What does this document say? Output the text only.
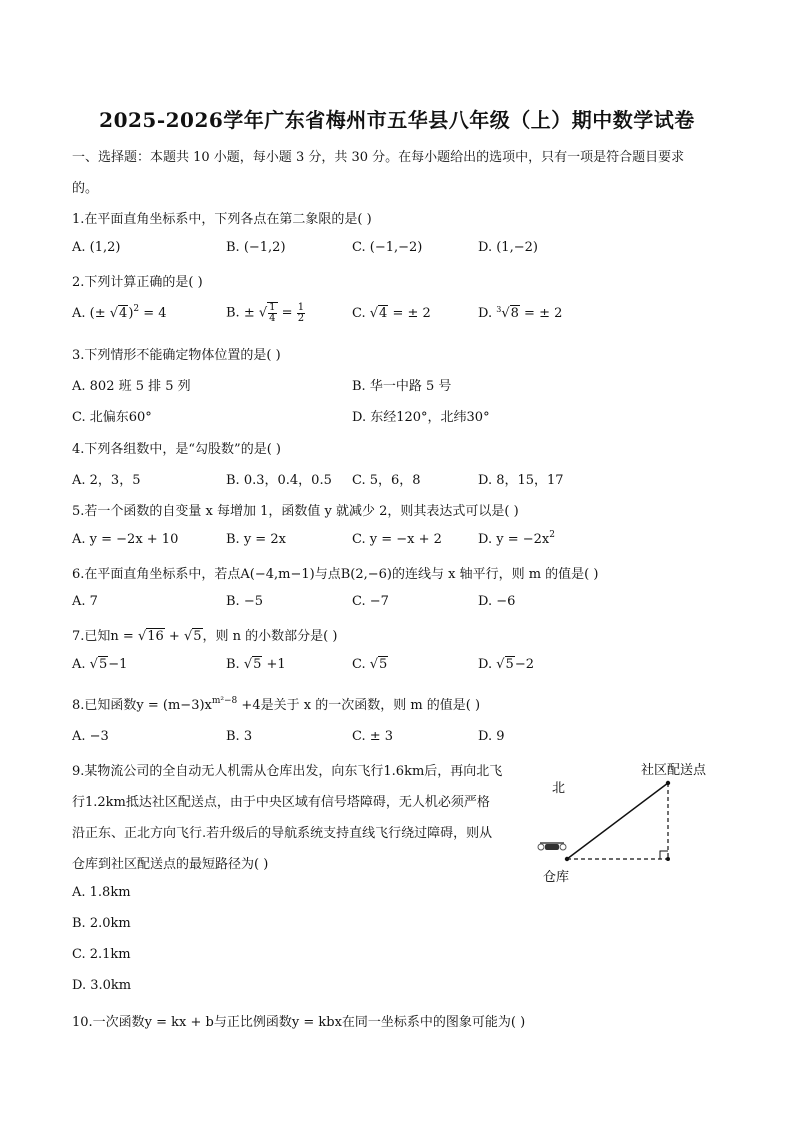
2025-2026学年广东省梅州市五华县八年级（上）期中数学试卷
一、选择题：本题共 10 小题，每小题 3 分，共 30 分。在每小题给出的选项中，只有一项是符合题目要求
的。
1.在平面直角坐标系中，下列各点在第二象限的是( )
A. (1,2)	B. (−1,2)	C. (−1,−2)	D. (1,−2)
2.下列计算正确的是( )
A. (± √4)$^2$ = 4	B. ± √ $\frac{1}{4} = \frac{1}{2}$	C. √4 = ± 2	D. $^3$√8 = ± 2
3.下列情形不能确定物体位置的是( )
A. 802 班 5 排 5 列	B. 华一中路 5 号
C. 北偏东60°	D. 东经120°，北纬30°
4.下列各组数中，是“勾股数”的是( )
A. 2，3，5	B. 0.3，0.4，0.5 C. 5，6，8	D. 8，15，17
5.若一个函数的自变量 x 每增加 1，函数值 y 就减少 2，则其表达式可以是( )
A. y = −2x + 10	B. y = 2x	C. y = −x + 2	D. $y = -2x^2$
6.在平面直角坐标系中，若点A(−4,m−1)与点B(2,−6)的连线与 x 轴平行，则 m 的值是( )
A. 7	B. −5	C. −7	D. −6
7.已知n = √16 + √5，则 n 的小数部分是( )
A. √5−1	B. √5 +1	C. √5	D. √5−2
8.已知函数$y = (m-3)x^{m^2-8} +4$是关于 x 的一次函数，则 m 的值是( )
A. −3	B. 3	C. ± 3	D. 9
9.某物流公司的全自动无人机需从仓库出发，向东飞行1.6km后，再向北飞
行1.2km抵达社区配送点，由于中央区域有信号塔障碍，无人机必须严格
沿正东、正北方向飞行.若升级后的导航系统支持直线飞行绕过障碍，则从
仓库到社区配送点的最短路径为( )
A. 1.8km
B. 2.0km
C. 2.1km
D. 3.0km
北
社区配送点
仓库
10.一次函数y = kx + b与正比例函数y = kbx在同一坐标系中的图象可能为( )
